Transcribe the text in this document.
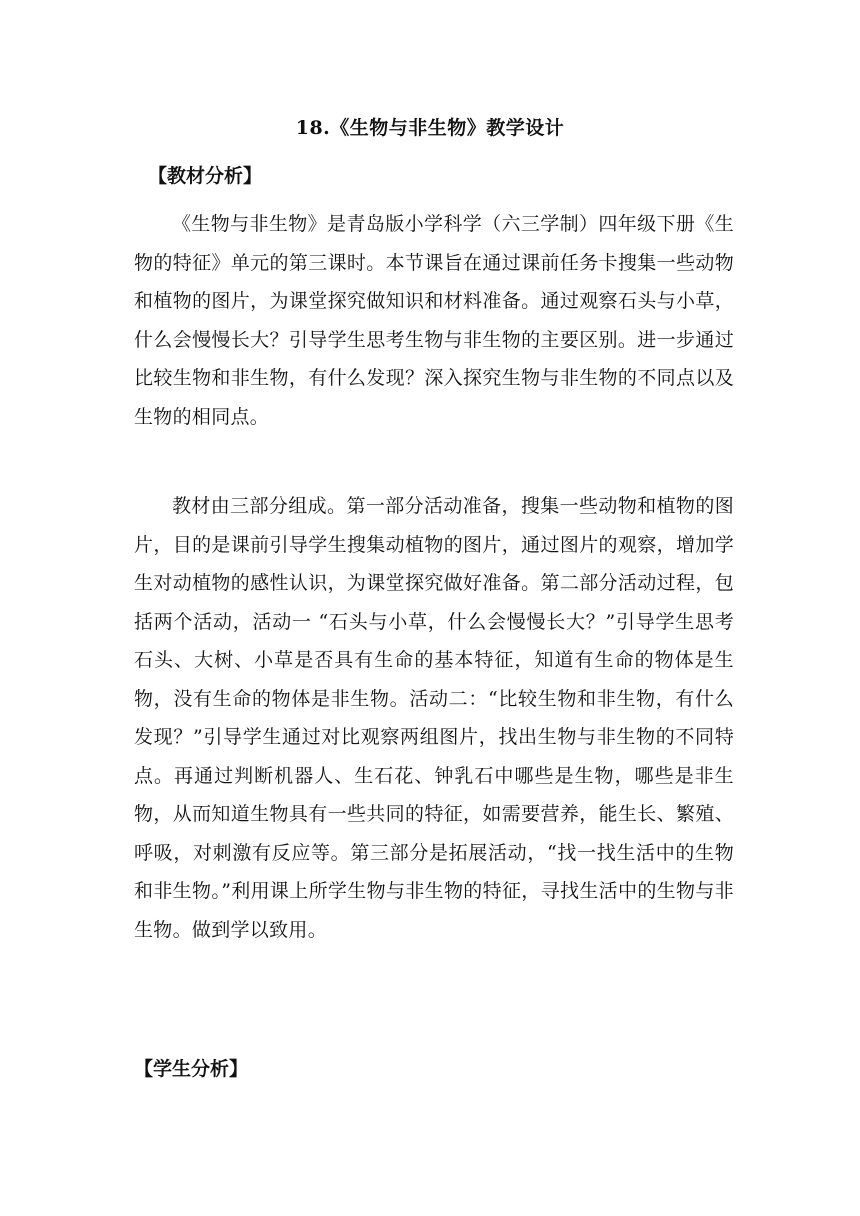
18.《生物与非生物》教学设计
【教材分析】

《生物与非生物》是青岛版小学科学（六三学制）四年级下册《生物的特征》单元的第三课时。本节课旨在通过课前任务卡搜集一些动物和植物的图片，为课堂探究做知识和材料准备。通过观察石头与小草，什么会慢慢长大？引导学生思考生物与非生物的主要区别。进一步通过比较生物和非生物，有什么发现？深入探究生物与非生物的不同点以及生物的相同点。

教材由三部分组成。第一部分活动准备，搜集一些动物和植物的图片，目的是课前引导学生搜集动植物的图片，通过图片的观察，增加学生对动植物的感性认识，为课堂探究做好准备。第二部分活动过程，包括两个活动，活动一 “石头与小草，什么会慢慢长大？”引导学生思考石头、大树、小草是否具有生命的基本特征，知道有生命的物体是生物，没有生命的物体是非生物。活动二：“比较生物和非生物，有什么发现？”引导学生通过对比观察两组图片，找出生物与非生物的不同特点。再通过判断机器人、生石花、钟乳石中哪些是生物，哪些是非生物，从而知道生物具有一些共同的特征，如需要营养，能生长、繁殖、呼吸，对刺激有反应等。第三部分是拓展活动，“找一找生活中的生物和非生物。”利用课上所学生物与非生物的特征，寻找生活中的生物与非生物。做到学以致用。

【学生分析】
